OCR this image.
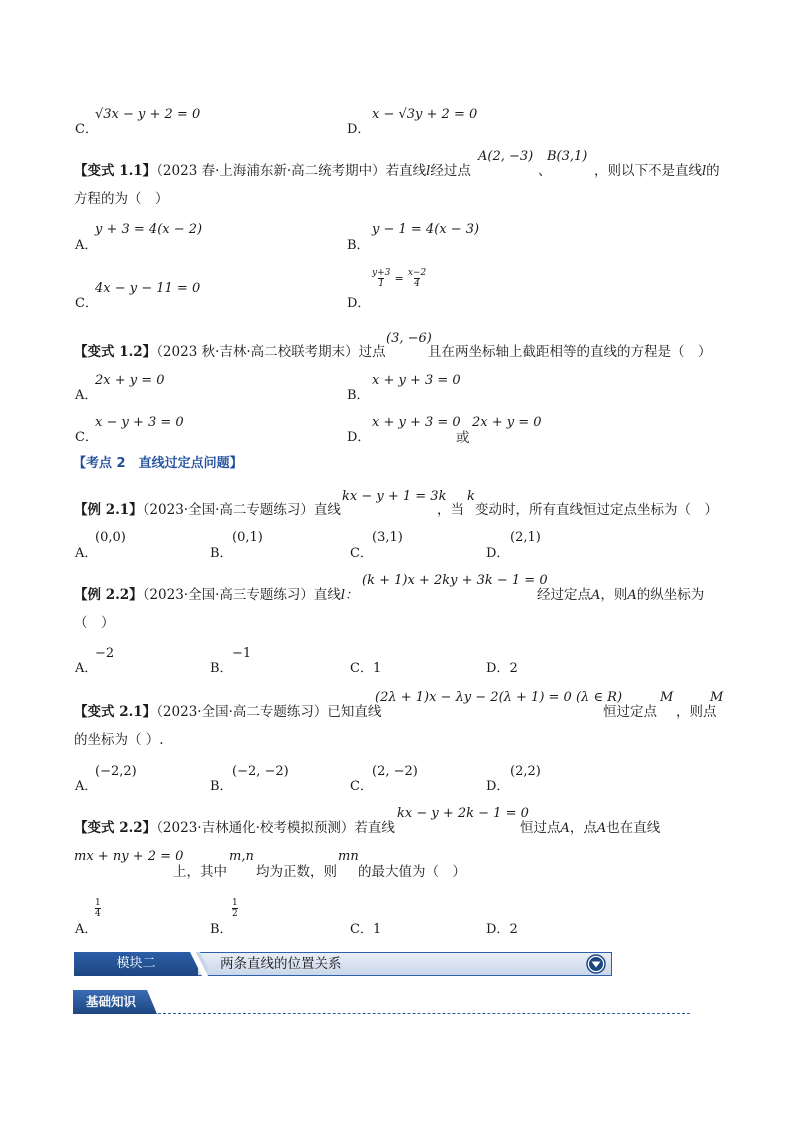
C．
√3x − y + 2 = 0
D．
x − √3y + 2 = 0
【变式 1.1】（2023 春·上海浦东新·高二统考期中）若直线l经过点
A(2, −3)
、
B(3,1)
，则以下不是直线l的
方程的为（　）
A．
y + 3 = 4(x − 2)
B．
y − 1 = 4(x − 3)
C．
4x − y − 11 = 0
D．
$\frac{y+3}{1} = \frac{x-2}{4}$
【变式 1.2】（2023 秋·吉林·高二校联考期末）过点
(3, −6)
且在两坐标轴上截距相等的直线的方程是（　）
A．
2x + y = 0
B．
x + y + 3 = 0
C．
x − y + 3 = 0
D．
x + y + 3 = 0
或
2x + y = 0
【考点 2　直线过定点问题】
【例 2.1】（2023·全国·高二专题练习）直线
kx − y + 1 = 3k
，当
k
变动时，所有直线恒过定点坐标为（　）
A．
(0,0)
B．
(0,1)
C．
(3,1)
D．
(2,1)
【例 2.2】（2023·全国·高三专题练习）直线l：
(k + 1)x + 2ky + 3k − 1 = 0
经过定点A，则A的纵坐标为
（　）
A．
−2
B．
−1
C．1	D．2
【变式 2.1】（2023·全国·高二专题练习）已知直线
(2λ + 1)x − λy − 2(λ + 1) = 0 (λ ∈ R)
恒过定点
M
，则点
M
的坐标为（ ）.
A．
(−2,2)
B．
(−2, −2)
C．
(2, −2)
D．
(2,2)
【变式 2.2】（2023·吉林通化·校考模拟预测）若直线
kx − y + 2k − 1 = 0
恒过点A，点A也在直线
mx + ny + 2 = 0
上，其中
m,n
均为正数，则
mn
的最大值为（　）
A．
$\frac{1}{4}$
B．
$\frac{1}{2}$
C．1	D．2
模块二	两条直线的位置关系
基础知识
